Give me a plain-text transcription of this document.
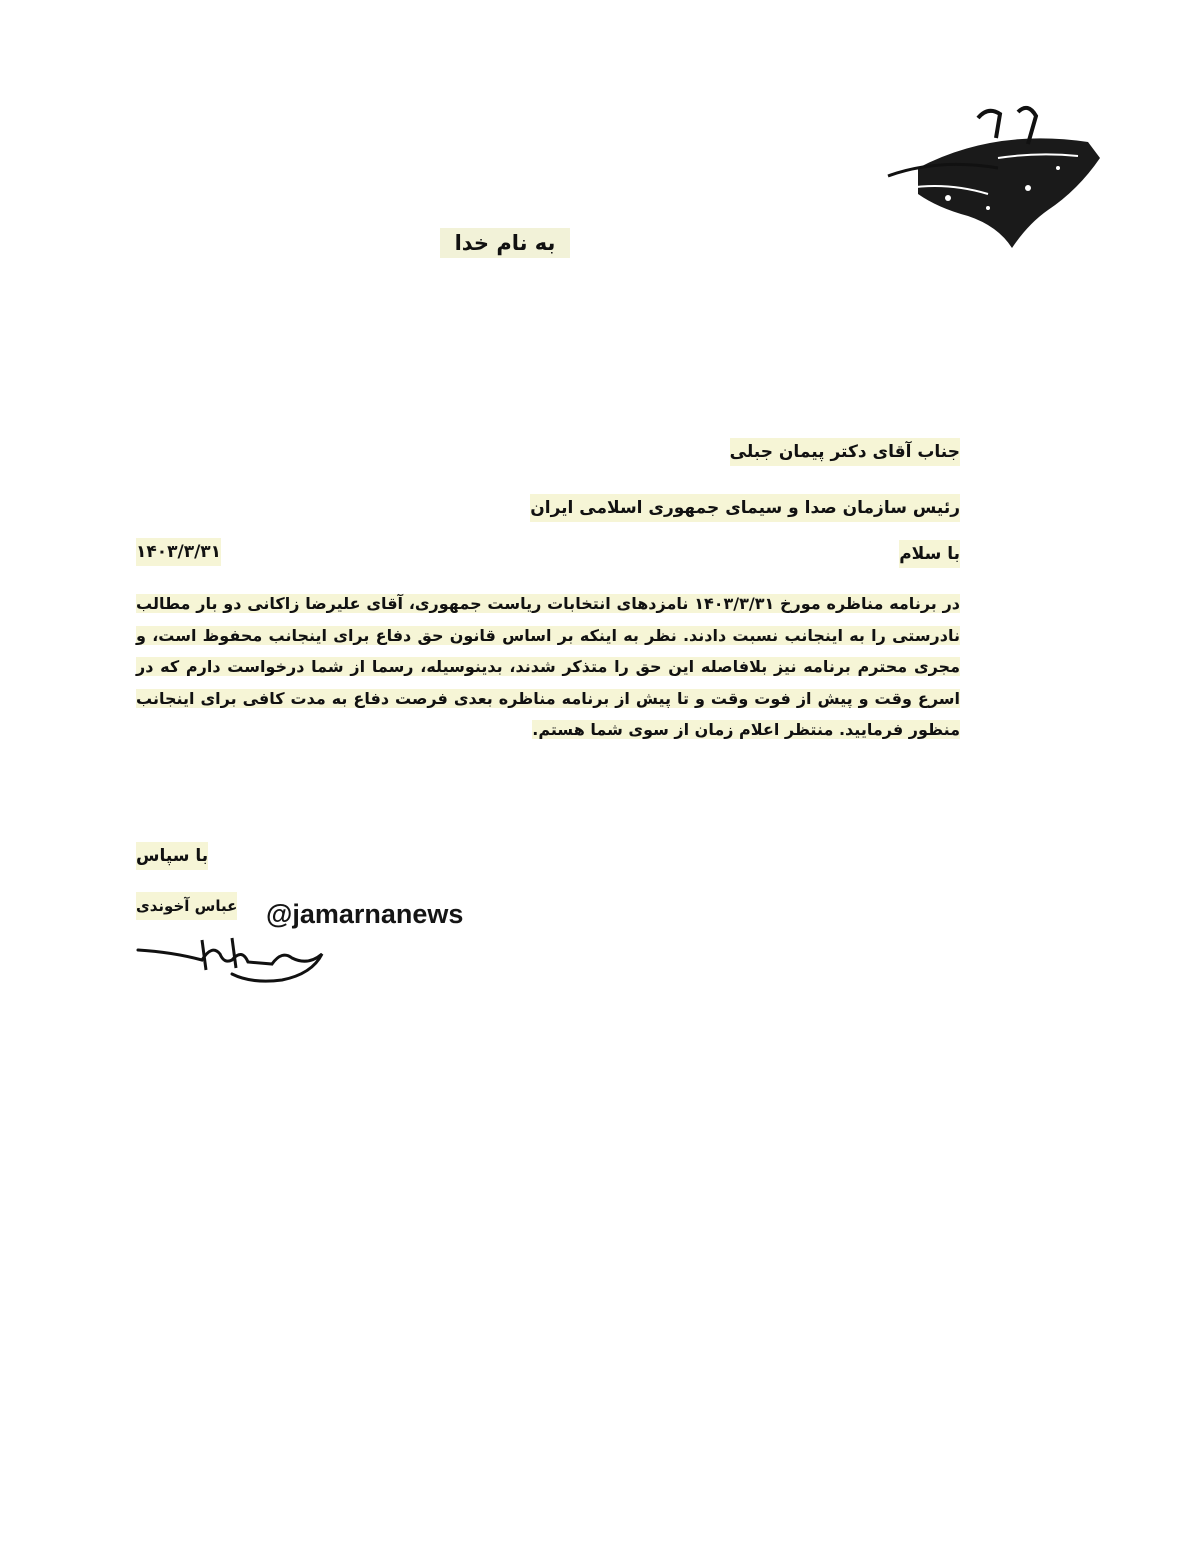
به نام خدا
جناب آقای دکتر پیمان جبلی
رئیس سازمان صدا و سیمای جمهوری اسلامی ایران
با سلام
۱۴۰۳/۳/۳۱
در برنامه مناظره مورخ ۱۴۰۳/۳/۳۱ نامزدهای انتخابات ریاست جمهوری، آقای علیرضا زاکانی دو بار مطالب نادرستی را به اینجانب نسبت دادند. نظر به اینکه بر اساس قانون حق دفاع برای اینجانب محفوظ است، و مجری محترم برنامه نیز بلافاصله این حق را متذکر شدند، بدینوسیله، رسما از شما درخواست دارم که در اسرع وقت و پیش از فوت وقت و تا پیش از برنامه مناظره بعدی فرصت دفاع به مدت کافی برای اینجانب منظور فرمایید. منتظر اعلام زمان از سوی شما هستم.
با سپاس
عباس آخوندی @jamarnanews
